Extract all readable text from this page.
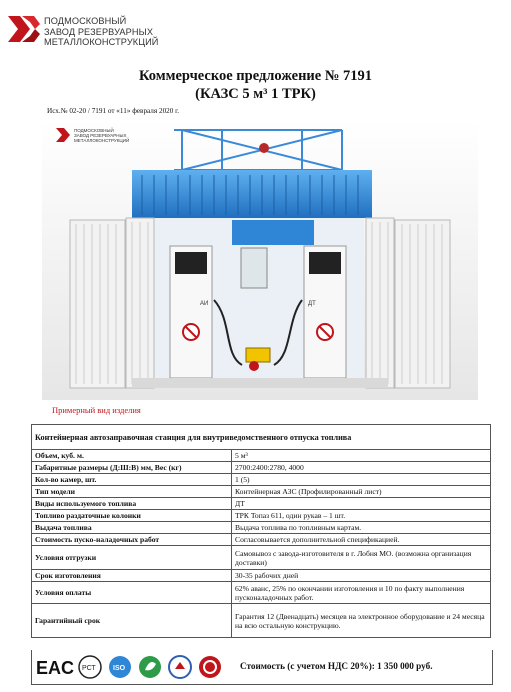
ПОДМОСКОВНЫЙ
ЗАВОД РЕЗЕРВУАРНЫХ
МЕТАЛЛОКОНСТРУКЦИЙ
Коммерческое предложение № 7191
(КАЗС 5 м³ 1 ТРК)
Исх.№ 02-20 / 7191 от «11» февраля 2020 г.
ПОДМОСКОВНЫЙ
ЗАВОД РЕЗЕРВУАРНЫХ
МЕТАЛЛОКОНСТРУКЦИЙ
АИ	ДТ
Примерный вид изделия
Контейнерная автозаправочная станция для внутриведомственного отпуска топлива	
Объем, куб. м.	5 м³
Габаритные размеры (Д:Ш:В) мм, Вес (кг)	2700:2400:2780, 4000
Кол-во камер, шт.	1 (5)
Тип модели	Контейнерная АЗС (Профилированный лист)
Виды используемого топлива	ДТ
Топливо раздаточные колонки	ТРК Топаз 611, один рукав – 1 шт.
Выдача топлива	Выдача топлива по топливным картам.
Стоимость пуско-наладочных работ	Согласовывается дополнительной спецификацией.
Условия отгрузки	Самовывоз с завода-изготовителя в г. Лобня МО. (возможна организация доставки)
Срок изготовления	30-35 рабочих дней
Условия оплаты	62% аванс, 25% по окончании изготовления и 10 по факту выполнения пусконаладочных работ.
Гарантийный срок	Гарантия 12 (Двенадцать) месяцев на электронное оборудование и 24 месяца на всю остальную конструкцию.
EAC РСТ ISO	Стоимость (с учетом НДС 20%): 1 350 000 руб.
